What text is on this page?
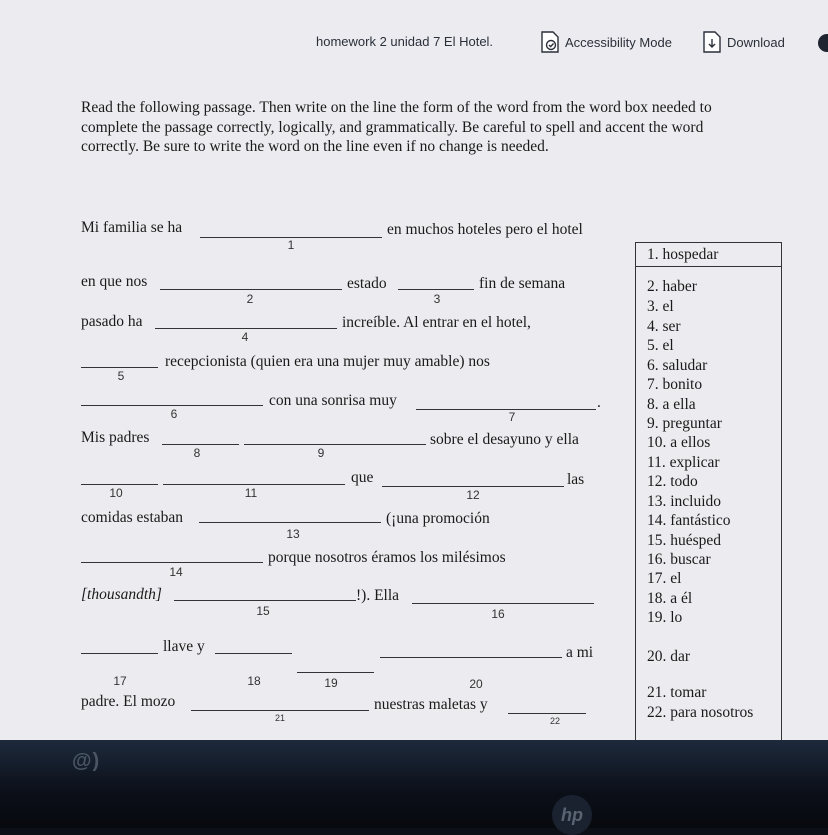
homework 2 unidad 7 El Hotel.	Accessibility Mode	Download
Read the following passage. Then write on the line the form of the word from the word box needed to complete the passage correctly, logically, and grammatically. Be careful to spell and accent the word correctly. Be sure to write the word on the line even if no change is needed.
Mi familia se ha
1
en muchos hoteles pero el hotel
en que nos
2
estado
3
fin de semana
pasado ha
4
increíble. Al entrar en el hotel,
5
recepcionista (quien era una mujer muy amable) nos
6
con una sonrisa muy
7
.
Mis padres
8	9
sobre el desayuno y ella
10	11
que
12
las
comidas estaban
13
(¡una promoción
14
porque nosotros éramos los milésimos
[thousandth]
15
!). Ella
16
llave y	a mi
17	18	19	20
padre. El mozo
21
nuestras maletas y
22
1. hospedar
2. haber
3. el
4. ser
5. el
6. saludar
7. bonito
8. a ella
9. preguntar
10. a ellos
11. explicar
12. todo
13. incluido
14. fantástico
15. huésped
16. buscar
17. el
18. a él
19. lo
20. dar
21. tomar
22. para nosotros
@)
hp
